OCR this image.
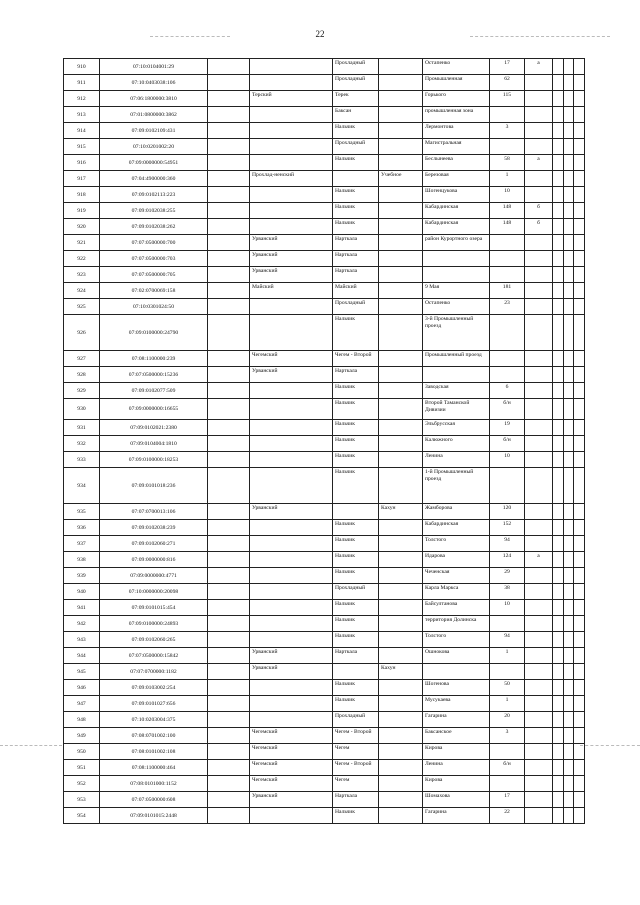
22
910	07:10:0104001:29			Прохладный		Остапенко	17	а			
911	07:10:0403038:106			Прохладный		Промышленная	62				
912	07:06:1800000:3810		Терский	Терек		Горького	115				
913	07:01:0800000:3862			Баксан		промышленная зона					
914	07:09:0102109:431			Нальчик		Лермонтова	3				
915	07:10:0201002:20			Прохладный		Магистральная					
916	07:09:0000000:54951			Нальчик		Беслынеева	58	а			
917	07:04:4900000:360		Прохлад-ненский		Учебное	Березовая	1				
918	07:09:0102113:223			Нальчик		Шогенцукова	10				
919	07:09:0102038:255			Нальчик		Кабардинская	148	б			
920	07:09:0102038:262			Нальчик		Кабардинская	148	б			
921	07:07:0500000:700		Урванский	Нарткала		район Курортного озера					
922	07:07:0500000:703		Урванский	Нарткала							
923	07:07:0500000:705		Урванский	Нарткала							
924	07:02:0700069:158		Майский	Майский		9 Мая	181				
925	07:10:0301024:50			Прохладный		Остапенко	23				
926	07:09:0100000:24790			Нальчик		3-й Промышленный проезд					
927	07:08:1100000:239		Чегемский	Чегем - Второй		Промышленный проезд					
928	07:07:0500000:15236		Урванский	Нарткала							
929	07:09:0102077:509			Нальчик		Заводская	6				
930	07:09:0000000:16655			Нальчик		Второй Таманской Дивизии	б/н				
931	07:09:0102021:2380			Нальчик		Эльбрусская	19				
932	07:09:0104004:1810			Нальчик		Калюжного	б/н				
933	07:09:0100000:18253			Нальчик		Ленина	10				
934	07:09:0101018:236			Нальчик		1-й Промышленный проезд					
935	07:07:0700013:106		Урванский		Кахун	Жамборова	120				
936	07:09:0102038:239			Нальчик		Кабардинская	152				
937	07:09:0102060:271			Нальчик		Толстого	94				
938	07:09:0000000:816			Нальчик		Идарова	124	а			
939	07:09:0000000:4771			Нальчик		Чеченская	29				
940	07:10:0000000:20098			Прохладный		Карла Маркса	38				
941	07:09:0101015:454			Нальчик		Байсултанова	10				
942	07:09:0100000:24893			Нальчик		территория Долинска					
943	07:09:0102060:265			Нальчик		Толстого	94				
944	07:07:0500000:15842		Урванский	Нарткала		Ошнокова	1				
945	07:07:0700000:1182		Урванский		Кахун						
946	07:09:0103002:254			Нальчик		Шогенова	50				
947	07:09:0101027:656			Нальчик		Мусукаева	1				
948	07:10:0203004:375			Прохладный		Гагарина	20				
949	07:08:0701002:100		Чегемский	Чегем - Второй		Баксанское	3				
950	07:08:0101002:108		Чегемский	Чегем		Кирова					
951	07:08:1100000:464		Чегемский	Чегем - Второй		Ленина	б/н				
952	07:08:0101000:1152		Чегемский	Чегем		Кирова					
953	07:07:0500000:608		Урванский	Нарткала		Шомахова	17				
954	07:09:0101015:2448			Нальчик		Гагарина	22				
